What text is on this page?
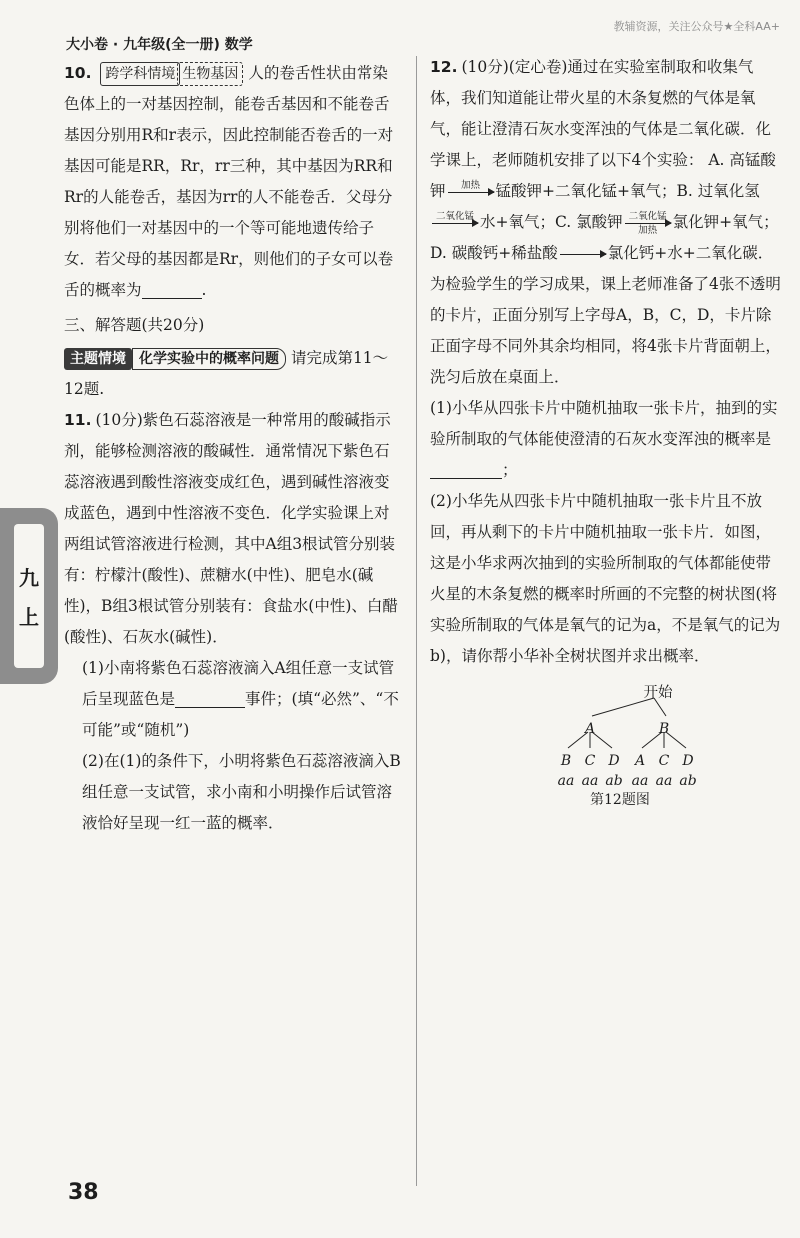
大小卷 · 九年级(全一册) 数学
教辅资源，关注公众号★全科AA+
九
上

10. 跨学科情境 生物基因 人的卷舌性状由常染色体上的一对基因控制，能卷舌基因和不能卷舌基因分别用R和r表示，因此控制能否卷舌的一对基因可能是RR，Rr，rr三种，其中基因为RR和Rr的人能卷舌，基因为rr的人不能卷舌．父母分别将他们一对基因中的一个等可能地遗传给子女．若父母的基因都是Rr，则他们的子女可以卷舌的概率为	.

三、解答题(共20分)

主题情境 化学实验中的概率问题 请完成第11～12题.

11. (10分)紫色石蕊溶液是一种常用的酸碱指示剂，能够检测溶液的酸碱性．通常情况下紫色石蕊溶液遇到酸性溶液变成红色，遇到碱性溶液变成蓝色，遇到中性溶液不变色．化学实验课上对两组试管溶液进行检测，其中A组3根试管分别装有：柠檬汁(酸性)、蔗糖水(中性)、肥皂水(碱性)，B组3根试管分别装有：食盐水(中性)、白醋(酸性)、石灰水(碱性)．

(1)小南将紫色石蕊溶液滴入A组任意一支试管后呈现蓝色是	事件；(填“必然”、“不可能”或“随机”)

(2)在(1)的条件下，小明将紫色石蕊溶液滴入B组任意一支试管，求小南和小明操作后试管溶液恰好呈现一红一蓝的概率．

12. (10分)(定心卷)通过在实验室制取和收集气体，我们知道能让带火星的木条复燃的气体是氧气，能让澄清石灰水变浑浊的气体是二氧化碳．化学课上，老师随机安排了以下4个实验： A. 高锰酸钾 加热 锰酸钾+二氧化锰+氧气；B. 过氧化氢
二氧化锰 水+氧气；C. 氯酸钾 二氧化锰
加热 氯化钾+氧气；D. 碳酸钙+稀盐酸 → 氯化钙+水+二氧化碳．为检验学生的学习成果，课上老师准备了4张不透明的卡片，正面分别写上字母A，B，C，D，卡片除正面字母不同外其余均相同，将4张卡片背面朝上，洗匀后放在桌面上．

(1)小华从四张卡片中随机抽取一张卡片，抽到的实验所制取的气体能使澄清的石灰水变浑浊的概率是；

(2)小华先从四张卡片中随机抽取一张卡片且不放回，再从剩下的卡片中随机抽取一张卡片．如图，这是小华求两次抽到的实验所制取的气体都能使带火星的木条复燃的概率时所画的不完整的树状图(将实验所制取的气体是氧气的记为a，不是氧气的记为b)，请你帮小华补全树状图并求出概率．

开始
A	B
B C D A C D
aa aa ab aa aa ab
第12题图
38
